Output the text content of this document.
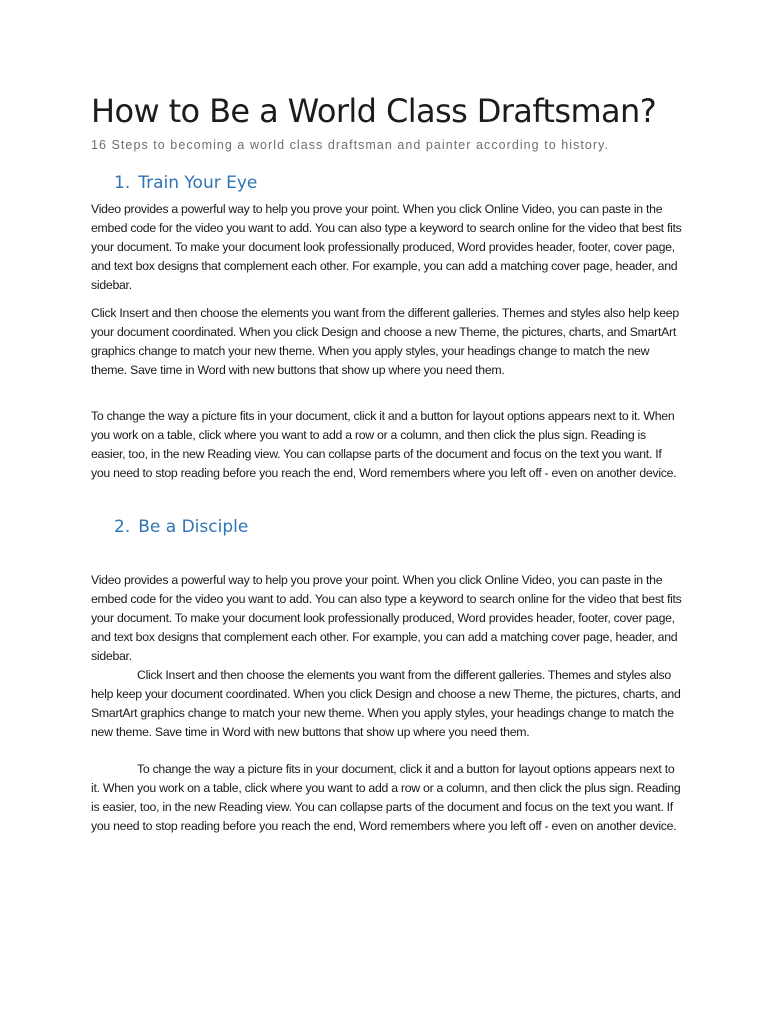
How to Be a World Class Draftsman?

16 Steps to becoming a world class draftsman and painter according to history.

1. Train Your Eye

Video provides a powerful way to help you prove your point. When you click Online Video, you can paste in the embed code for the video you want to add. You can also type a keyword to search online for the video that best fits your document. To make your document look professionally produced, Word provides header, footer, cover page, and text box designs that complement each other. For example, you can add a matching cover page, header, and sidebar.

Click Insert and then choose the elements you want from the different galleries. Themes and styles also help keep your document coordinated. When you click Design and choose a new Theme, the pictures, charts, and SmartArt graphics change to match your new theme. When you apply styles, your headings change to match the new theme. Save time in Word with new buttons that show up where you need them.

To change the way a picture fits in your document, click it and a button for layout options appears next to it. When you work on a table, click where you want to add a row or a column, and then click the plus sign. Reading is easier, too, in the new Reading view. You can collapse parts of the document and focus on the text you want. If you need to stop reading before you reach the end, Word remembers where you left off - even on another device.

2. Be a Disciple

Video provides a powerful way to help you prove your point. When you click Online Video, you can paste in the embed code for the video you want to add. You can also type a keyword to search online for the video that best fits your document. To make your document look professionally produced, Word provides header, footer, cover page, and text box designs that complement each other. For example, you can add a matching cover page, header, and sidebar.

Click Insert and then choose the elements you want from the different galleries. Themes and styles also help keep your document coordinated. When you click Design and choose a new Theme, the pictures, charts, and SmartArt graphics change to match your new theme. When you apply styles, your headings change to match the new theme. Save time in Word with new buttons that show up where you need them.

To change the way a picture fits in your document, click it and a button for layout options appears next to it. When you work on a table, click where you want to add a row or a column, and then click the plus sign. Reading is easier, too, in the new Reading view. You can collapse parts of the document and focus on the text you want. If you need to stop reading before you reach the end, Word remembers where you left off - even on another device.
